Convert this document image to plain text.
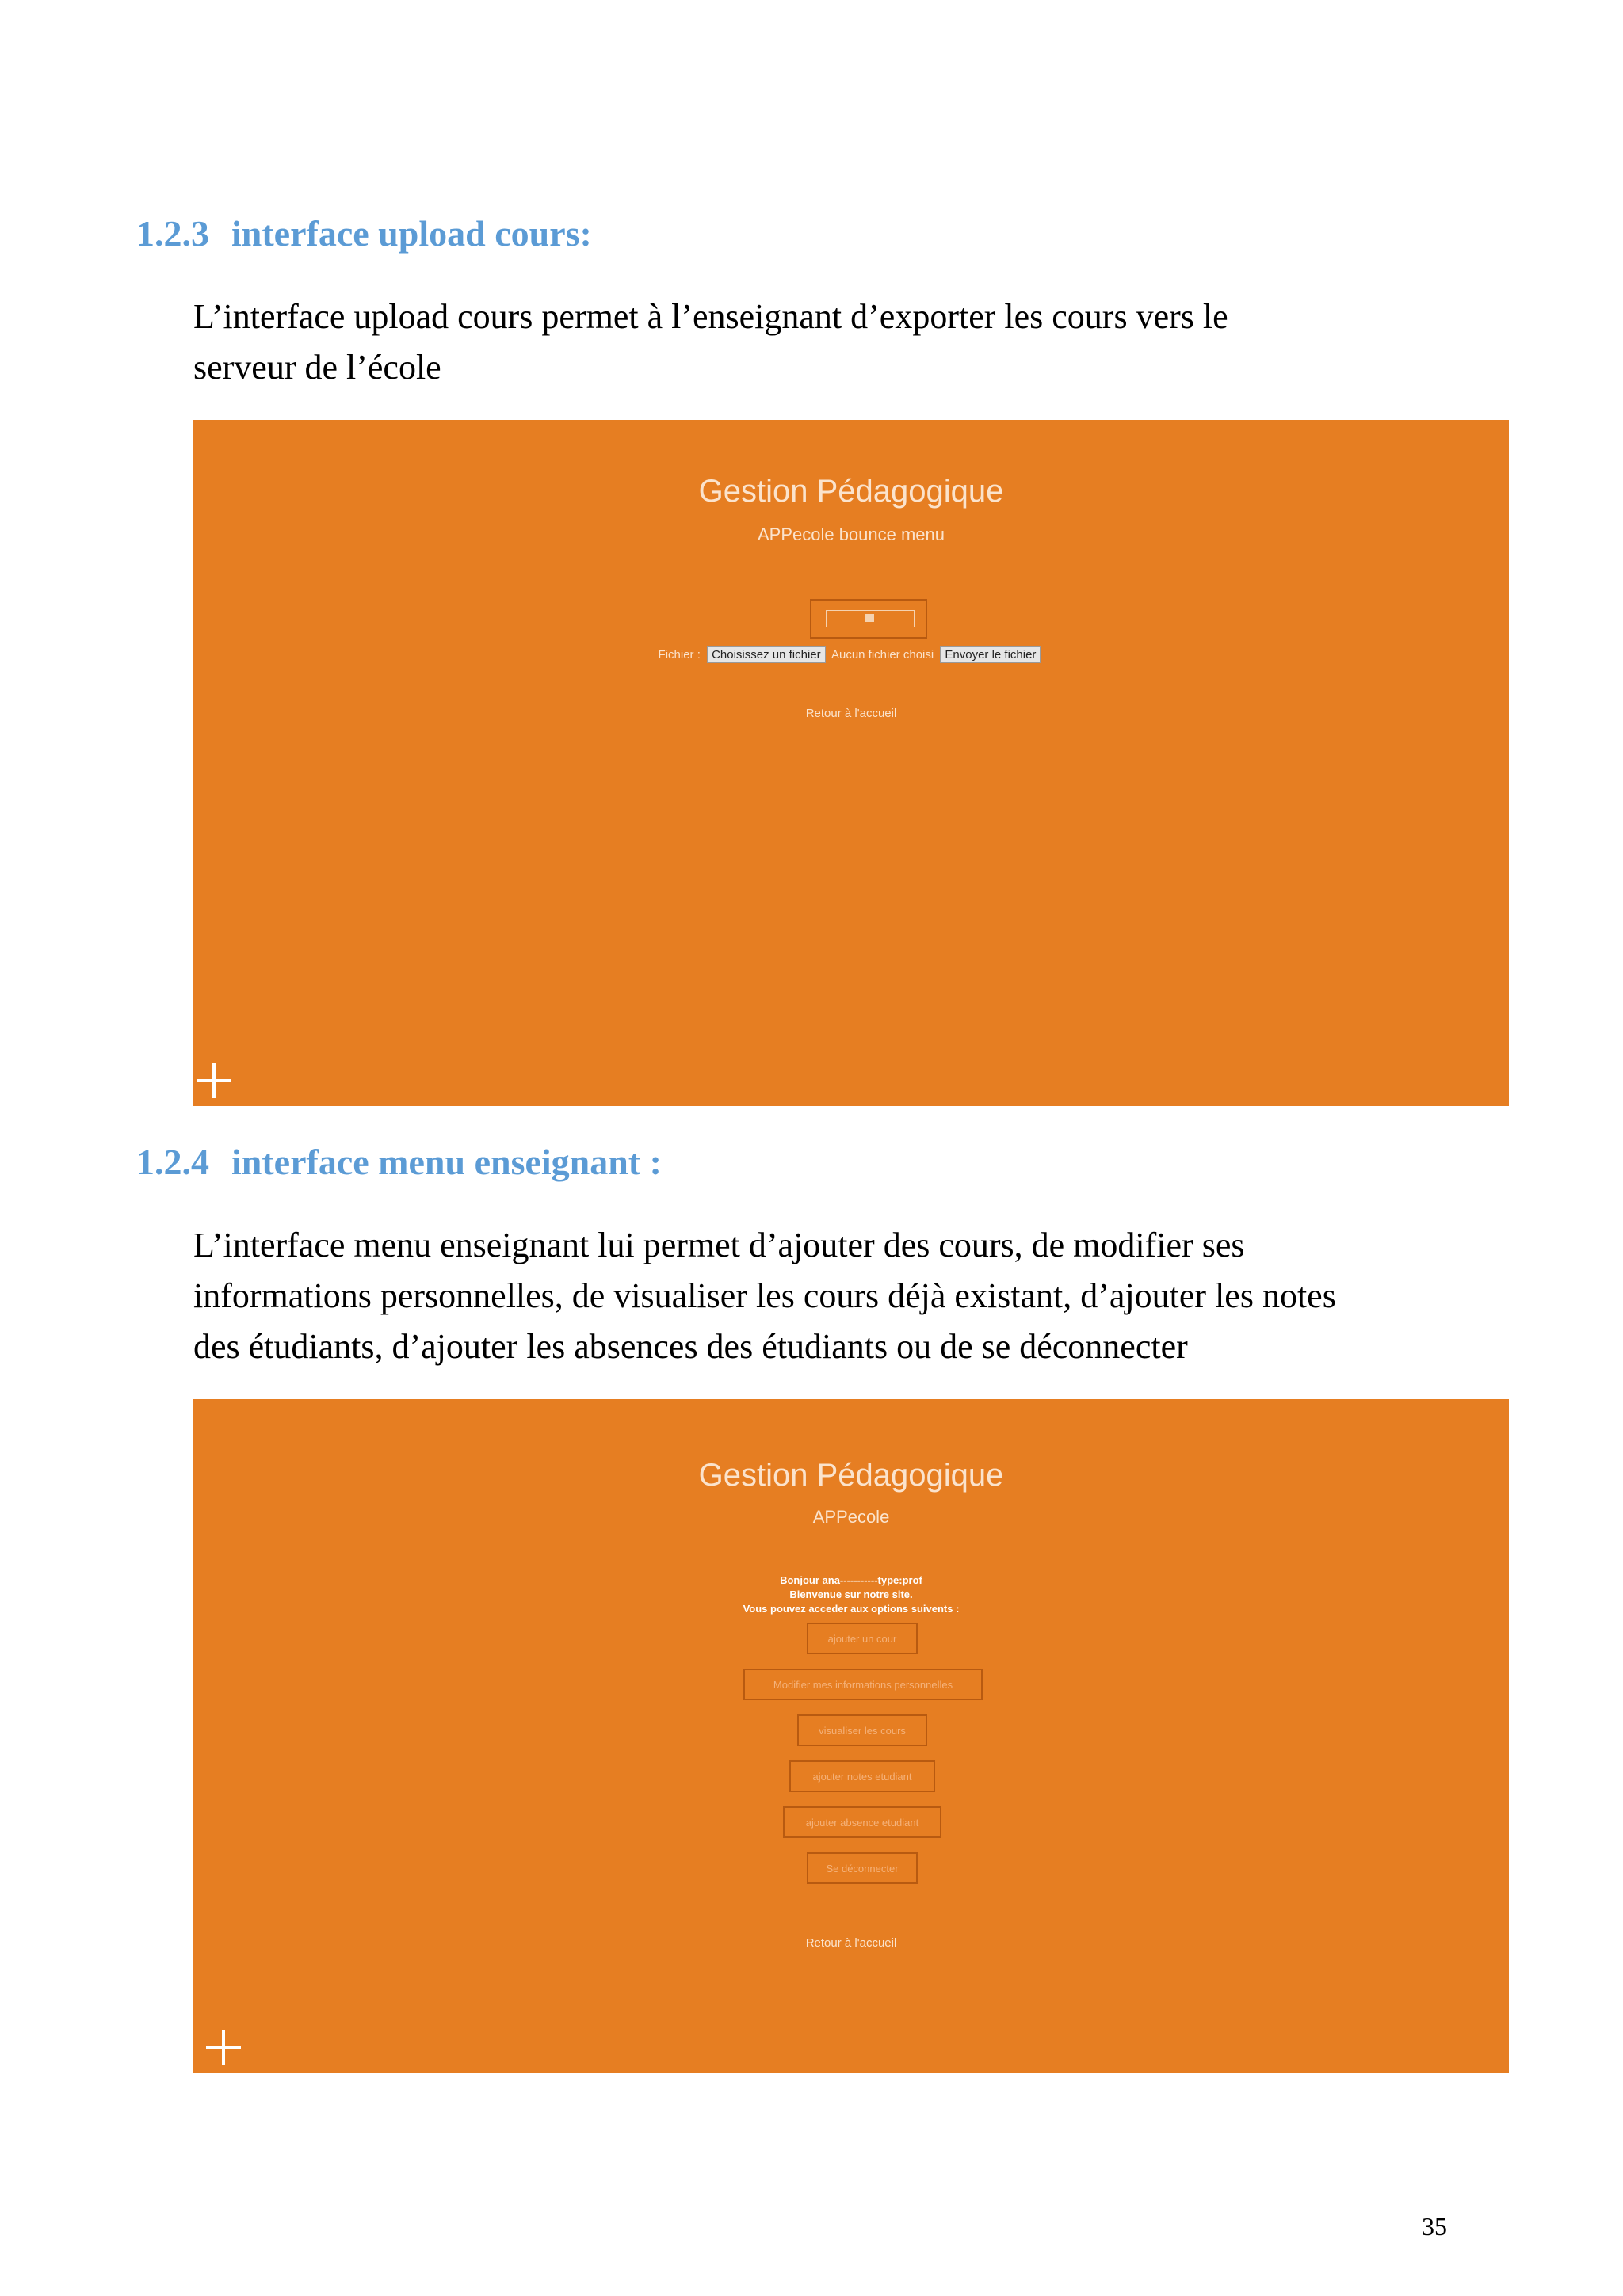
1.2.3 interface upload cours:

L’interface upload cours permet à l’enseignant d’exporter les cours vers le
serveur de l’école

Gestion Pédagogique

APPecole bounce menu

Fichier : Choisissez un fichier Aucun fichier choisi Envoyer le fichier
Retour à l'accueil
1.2.4 interface menu enseignant :

L’interface menu enseignant lui permet d’ajouter des cours, de modifier ses
informations personnelles, de visualiser les cours déjà existant, d’ajouter les notes
des étudiants, d’ajouter les absences des étudiants ou de se déconnecter

Gestion Pédagogique

APPecole

Bonjour ana-----------type:prof
Bienvenue sur notre site.
Vous pouvez acceder aux options suivents :
ajouter un cour
Modifier mes informations personnelles
visualiser les cours
ajouter notes etudiant
ajouter absence etudiant
Se déconnecter
Retour à l'accueil
35
